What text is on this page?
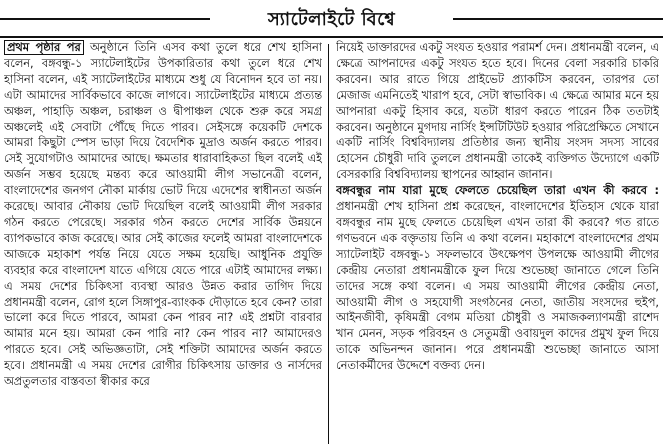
স্যাটেলাইটে বিশ্বে

প্রথম পৃষ্ঠার পর অনুষ্ঠানে তিনি এসব কথা তুলে ধরে শেখ হাসিনা বলেন, বঙ্গবন্ধু-১ স্যাটেলাইটের উপকারিতার কথা তুলে ধরে শেখ হাসিনা বলেন, এই স্যাটেলাইটের মাধ্যমে শুধু যে বিনোদন হবে তা নয়। এটা আমাদের সার্বিকভাবে কাজে লাগবে। স্যাটেলাইটের মাধ্যমে প্রত্যন্ত অঞ্চল, পাহাড়ি অঞ্চল, চরাঞ্চল ও দ্বীপাঞ্চল থেকে শুরু করে সমগ্র অঞ্চলেই এই সেবাটা পৌঁছে দিতে পারব। সেইসঙ্গে কয়েকটি দেশকে আমরা কিছুটা স্পেস ভাড়া দিয়ে বৈদেশিক মুদ্রাও অর্জন করতে পারব। সেই সুযোগটাও আমাদের আছে। ক্ষমতার ধারাবাহিকতা ছিল বলেই এই অর্জন সম্ভব হয়েছে মন্তব্য করে আওয়ামী লীগ সভানেত্রী বলেন, বাংলাদেশের জনগণ নৌকা মার্কায় ভোট দিয়ে এদেশের স্বাধীনতা অর্জন করেছে। আবার নৌকায় ভোট দিয়েছিল বলেই আওয়ামী লীগ সরকার গঠন করতে পেরেছে। সরকার গঠন করতে দেশের সার্বিক উন্নয়নে ব্যাপকভাবে কাজ করেছে। আর সেই কাজের ফলেই আমরা বাংলাদেশকে আজকে মহাকাশ পর্যন্ত নিয়ে যেতে সক্ষম হয়েছি। আধুনিক প্রযুক্তি ব্যবহার করে বাংলাদেশ যাতে এগিয়ে যেতে পারে এটাই আমাদের লক্ষ্য। এ সময় দেশের চিকিৎসা ব্যবস্থা আরও উন্নত করার তাগিদ দিয়ে প্রধানমন্ত্রী বলেন, রোগ হলে সিঙ্গাপুর-ব্যাংকক দৌড়াতে হবে কেন? তারা ভালো করে দিতে পারবে, আমরা কেন পারব না? এই প্রশ্নটা বারবার আমার মনে হয়। আমরা কেন পারি না? কেন পারব না? আমাদেরও পারতে হবে। সেই অভিজ্ঞতাটা, সেই শক্তিটা আমাদের অর্জন করতে হবে। প্রধানমন্ত্রী এ সময় দেশের রোগীর চিকিৎসায় ডাক্তার ও নার্সদের অপ্রতুলতার বাস্তবতা স্বীকার করে

নিয়েই ডাক্তারদের একটু সংযত হওয়ার পরামর্শ দেন। প্রধানমন্ত্রী বলেন, এ ক্ষেত্রে আপনাদের একটু সংযত হতে হবে। দিনের বেলা সরকারি চাকরি করবেন। আর রাতে গিয়ে প্রাইভেট প্র্যাকটিস করবেন, তারপর তো মেজাজ এমনিতেই খারাপ হবে, সেটা স্বাভাবিক। এ ক্ষেত্রে আমার মনে হয় আপনারা একটু হিসাব করে, যতটা ধারণ করতে পারেন ঠিক ততটাই করবেন। অনুষ্ঠানে মুগদায় নার্সিং ইন্সটিটিউট হওয়ার পরিপ্রেক্ষিতে সেখানে একটি নার্সিং বিশ্ববিদ্যালয় প্রতিষ্ঠার জন্য স্থানীয় সংসদ সদস্য সাবের হোসেন চৌধুরী দাবি তুললে প্রধানমন্ত্রী তাকেই ব্যক্তিগত উদ্যোগে একটি বেসরকারি বিশ্ববিদ্যালয় স্থাপনের আহ্বান জানান।

বঙ্গবন্ধুর নাম যারা মুছে ফেলতে চেয়েছিল তারা এখন কী করবে : প্রধানমন্ত্রী শেখ হাসিনা প্রশ্ন করেছেন, বাংলাদেশের ইতিহাস থেকে যারা বঙ্গবন্ধুর নাম মুছে ফেলতে চেয়েছিল এখন তারা কী করবে? গত রাতে গণভবনে এক বক্তৃতায় তিনি এ কথা বলেন। মহাকাশে বাংলাদেশের প্রথম স্যাটেলাইট বঙ্গবন্ধু-১ সফলভাবে উৎক্ষেপণ উপলক্ষে আওয়ামী লীগের কেন্দ্রীয় নেতারা প্রধানমন্ত্রীকে ফুল দিয়ে শুভেচ্ছা জানাতে গেলে তিনি তাদের সঙ্গে কথা বলেন। এ সময় আওয়ামী লীগের কেন্দ্রীয় নেতা, আওয়ামী লীগ ও সহযোগী সংগঠনের নেতা, জাতীয় সংসদের হুইপ, আইনজীবী, কৃষিমন্ত্রী বেগম মতিয়া চৌধুরী ও সমাজকল্যাণমন্ত্রী রাশেদ খান মেনন, সড়ক পরিবহন ও সেতুমন্ত্রী ওবায়দুল কাদের প্রমুখ ফুল দিয়ে তাকে অভিনন্দন জানান। পরে প্রধানমন্ত্রী শুভেচ্ছা জানাতে আসা নেতাকর্মীদের উদ্দেশে বক্তব্য দেন।
